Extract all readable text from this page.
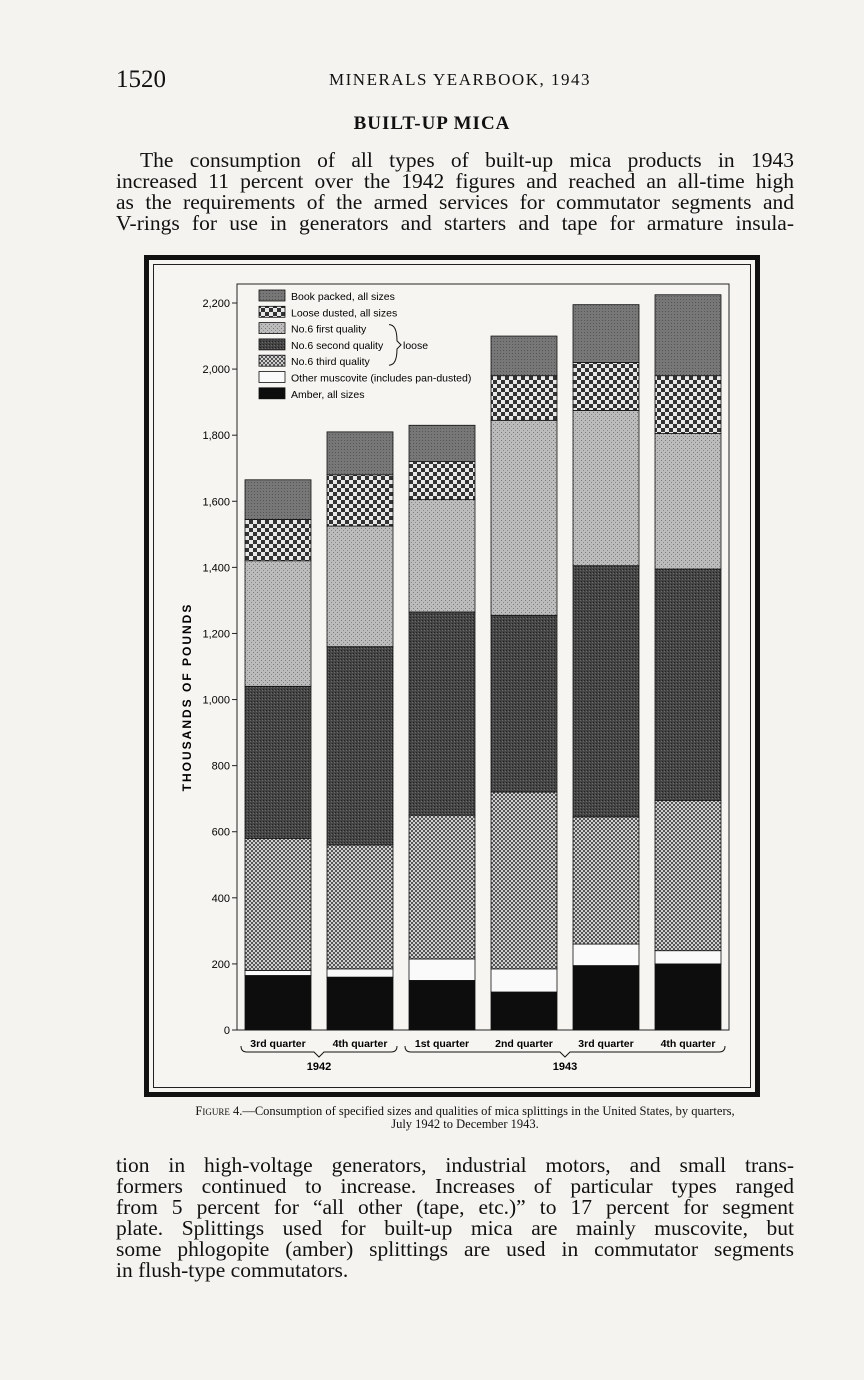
1520	MINERALS YEARBOOK, 1943
BUILT-UP MICA
The consumption of all types of built-up mica products in 1943
increased 11 percent over the 1942 figures and reached an all-time high
as the requirements of the armed services for commutator segments and
V-rings for use in generators and starters and tape for armature insula-
0
200
400
600
800
1,000
1,200
1,400
1,600
1,800
2,000
2,200
THOUSANDS OF POUNDS
Book packed, all sizes
Loose dusted, all sizes
No.6 first quality
No.6 second quality
No.6 third quality
Other muscovite (includes pan-dusted)
Amber, all sizes
loose
3rd quarter	4th quarter	1st quarter 2nd quarter 3rd quarter	4th quarter
1942	1943
Figure 4.—Consumption of specified sizes and qualities of mica splittings in the United States, by quarters,
July 1942 to December 1943.
tion in high-voltage generators, industrial motors, and small trans-
formers continued to increase. Increases of particular types ranged
from 5 percent for “all other (tape, etc.)” to 17 percent for segment
plate. Splittings used for built-up mica are mainly muscovite, but
some phlogopite (amber) splittings are used in commutator segments
in flush-type commutators.
